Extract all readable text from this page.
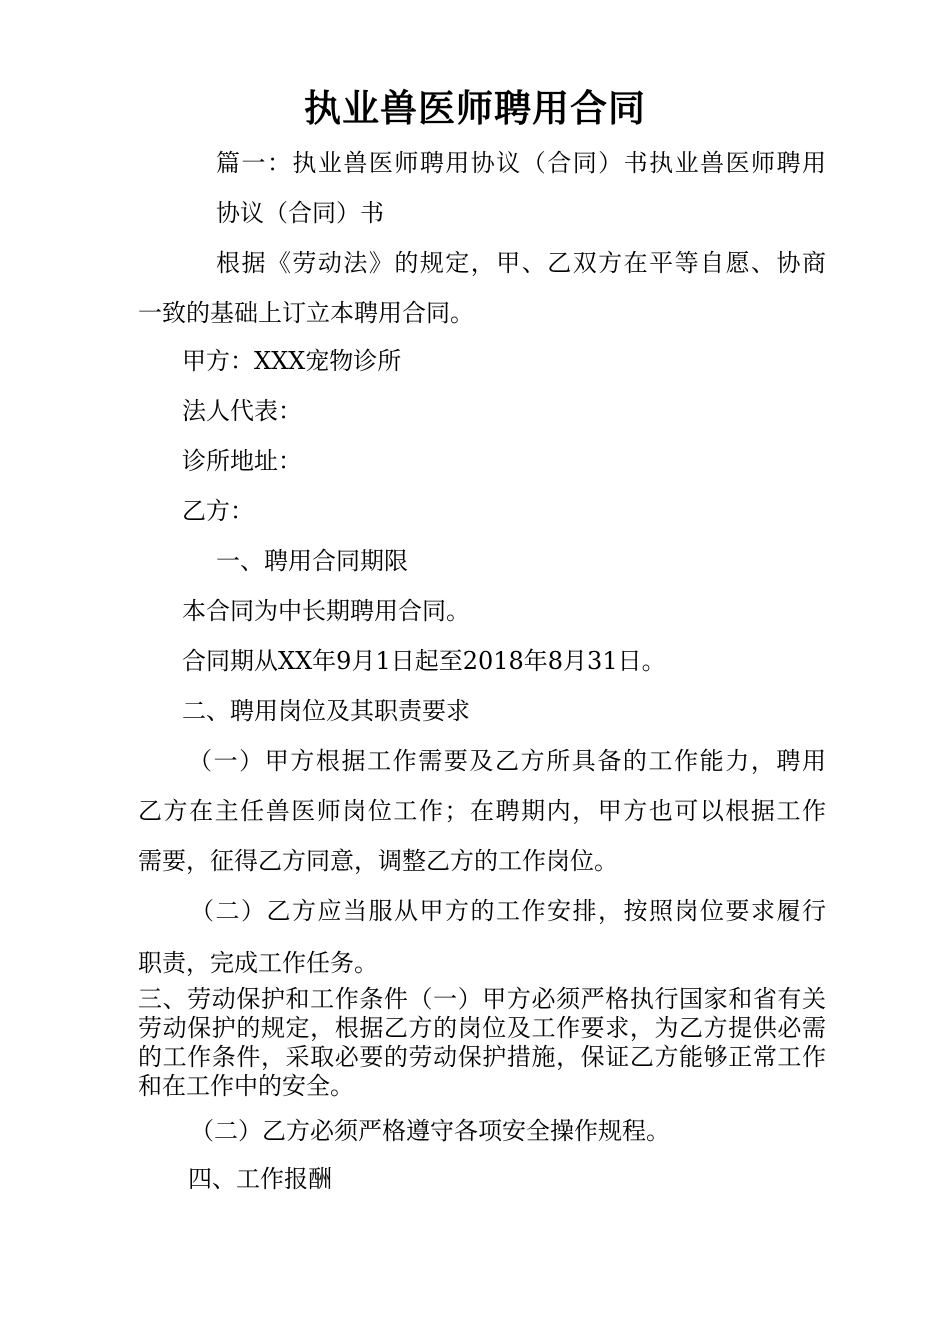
执业兽医师聘用合同
篇一：执业兽医师聘用协议（合同）书执业兽医师聘用
协议（合同）书
根据《劳动法》的规定，甲、乙双方在平等自愿、协商
一致的基础上订立本聘用合同。
甲方：XXX宠物诊所
法人代表：
诊所地址：
乙方：
一、聘用合同期限
本合同为中长期聘用合同。
合同期从XX年9月1日起至2018年8月31日。
二、聘用岗位及其职责要求
（一）甲方根据工作需要及乙方所具备的工作能力，聘用
乙方在主任兽医师岗位工作；在聘期内，甲方也可以根据工作
需要，征得乙方同意，调整乙方的工作岗位。
（二）乙方应当服从甲方的工作安排，按照岗位要求履行
职责，完成工作任务。
三、劳动保护和工作条件（一）甲方必须严格执行国家和省有关劳动保护的规定，根据乙方的岗位及工作要求，为乙方提供必需的工作条件，采取必要的劳动保护措施，保证乙方能够正常工作和在工作中的安全。
（二）乙方必须严格遵守各项安全操作规程。
四、工作报酬
